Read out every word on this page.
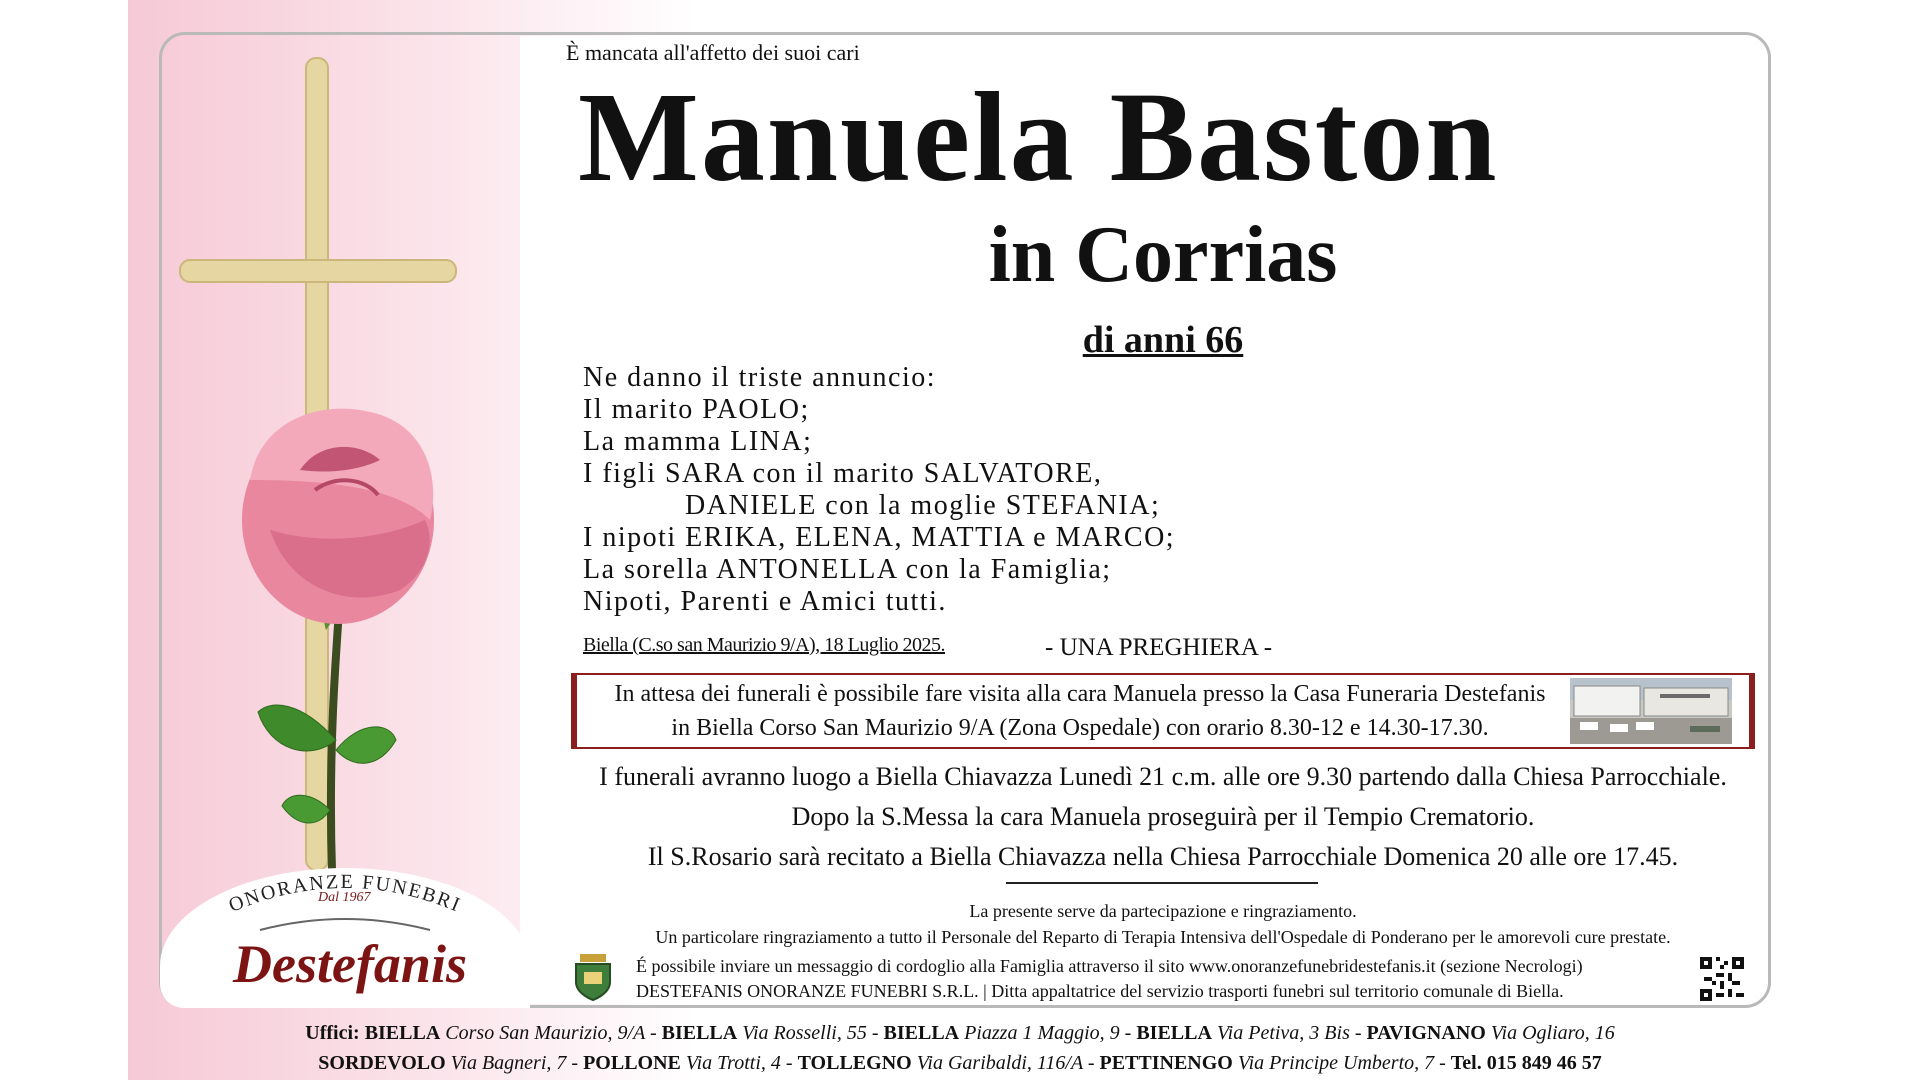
ONORANZE FUNEBRI
Dal 1967
Destefanis
È mancata all'affetto dei suoi cari
Manuela Baston
in Corrias
di anni 66
Ne danno il triste annuncio:
Il marito PAOLO;
La mamma LINA;
I figli SARA con il marito SALVATORE,
DANIELE con la moglie STEFANIA;
I nipoti ERIKA, ELENA, MATTIA e MARCO;
La sorella ANTONELLA con la Famiglia;
Nipoti, Parenti e Amici tutti.
Biella (C.so san Maurizio 9/A), 18 Luglio 2025.	- UNA PREGHIERA -
In attesa dei funerali è possibile fare visita alla cara Manuela presso la Casa Funeraria Destefanis
in Biella Corso San Maurizio 9/A (Zona Ospedale) con orario 8.30-12 e 14.30-17.30.
I funerali avranno luogo a Biella Chiavazza Lunedì 21 c.m. alle ore 9.30 partendo dalla Chiesa Parrocchiale.
Dopo la S.Messa la cara Manuela proseguirà per il Tempio Crematorio.
Il S.Rosario sarà recitato a Biella Chiavazza nella Chiesa Parrocchiale Domenica 20 alle ore 17.45.
La presente serve da partecipazione e ringraziamento.
Un particolare ringraziamento a tutto il Personale del Reparto di Terapia Intensiva dell'Ospedale di Ponderano per le amorevoli cure prestate.
É possibile inviare un messaggio di cordoglio alla Famiglia attraverso il sito www.onoranzefunebridestefanis.it (sezione Necrologi)
DESTEFANIS ONORANZE FUNEBRI S.R.L. | Ditta appaltatrice del servizio trasporti funebri sul territorio comunale di Biella.
Uffici: BIELLA Corso San Maurizio, 9/A - BIELLA Via Rosselli, 55 - BIELLA Piazza 1 Maggio, 9 - BIELLA Via Petiva, 3 Bis - PAVIGNANO Via Ogliaro, 16
SORDEVOLO Via Bagneri, 7 - POLLONE Via Trotti, 4 - TOLLEGNO Via Garibaldi, 116/A - PETTINENGO Via Principe Umberto, 7 - Tel. 015 849 46 57
